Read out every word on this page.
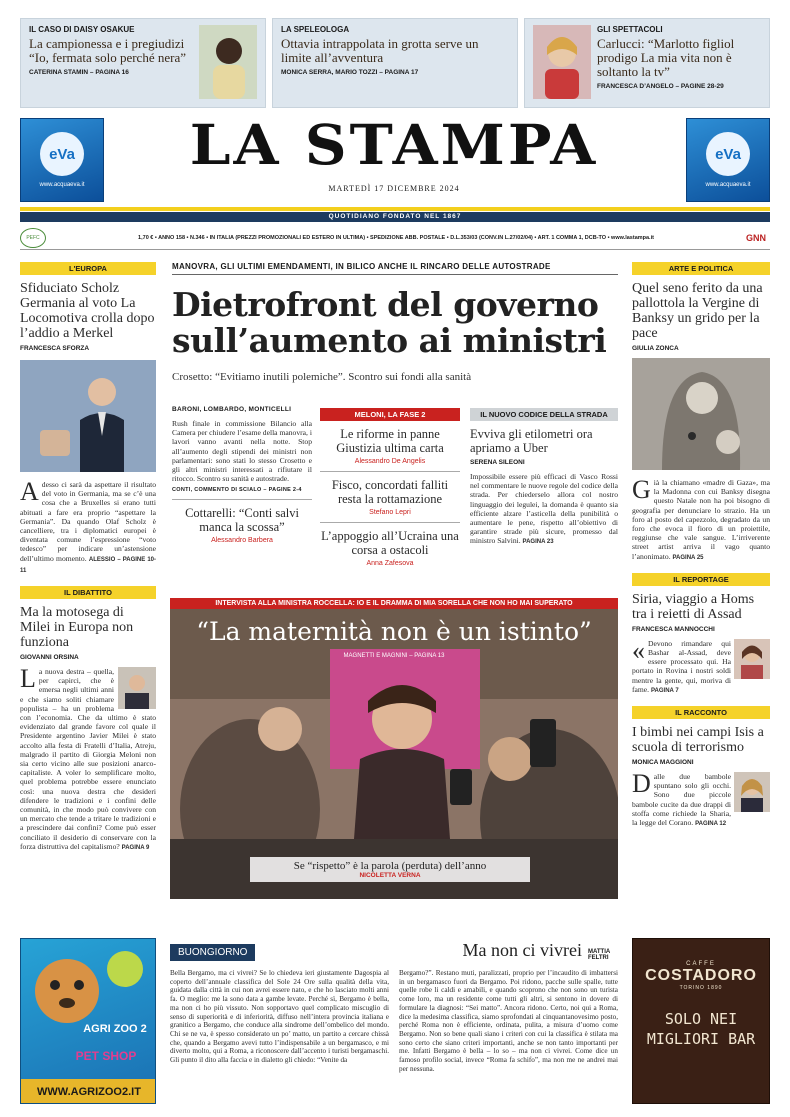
IL CASO DI DAISY OSAKUE
La campionessa e i pregiudizi “Io, fermata solo perché nera”
CATERINA STAMIN – PAGINA 16
LA SPELEOLOGA
Ottavia intrappolata in grotta serve un limite all’avventura
MONICA SERRA, MARIO TOZZI – PAGINA 17
GLI SPETTACOLI
Carlucci: “Marlotto figliol prodigo La mia vita non è soltanto la tv”
FRANCESCA D’ANGELO – PAGINE 28-29
eVa
www.acquaeva.it
LA STAMPA
MARTEDÌ 17 DICEMBRE 2024
eVa
www.acquaeva.it
QUOTIDIANO FONDATO NEL 1867
PEFC	1,70 € • ANNO 158 • N.346 • IN ITALIA (PREZZI PROMOZIONALI ED ESTERO IN ULTIMA) • SPEDIZIONE ABB. POSTALE • D.L.353/03 (CONV.IN L.27/02/04) • ART. 1 COMMA 1, DCB-TO • www.lastampa.it	GNN
L'EUROPA
Sfiduciato Scholz Germania al voto La Locomotiva crolla dopo l’addio a Merkel
FRANCESCA SFORZA
A desso ci sarà da aspettare il risultato del voto in Germania, ma se c’è una cosa che a Bruxelles si erano tutti abituati a fare era proprio “aspettare la Germania”. Da quando Olaf Scholz è cancelliere, tra i diplomatici europei è diventata comune l’espressione “voto tedesco” per indicare un’astensione dell’ultimo momento. ALESSIO – PAGINE 10-11
IL DIBATTITO
Ma la motosega di Milei in Europa non funziona
GIOVANNI ORSINA
L a nuova destra – quella, per capirci, che è emersa negli ultimi anni e che siamo soliti chiamare populista – ha un problema con l’economia. Che da ultimo è stato evidenziato dal grande favore col quale il Presidente argentino Javier Milei è stato accolto alla festa di Fratelli d’Italia, Atreju, malgrado il partito di Giorgia Meloni non sia certo vicino alle sue posizioni anarco-capitaliste. A voler lo semplificare molto, quel problema potrebbe essere enunciato così: una nuova destra che desideri difendere le tradizioni e i confini delle comunità, in che modo può convivere con un mercato che tende a tritare le tradizioni e a prescindere dai confini? Come può esser conciliato il desiderio di conservare con la forza distruttiva del capitalismo? PAGINA 9
MANOVRA, GLI ULTIMI EMENDAMENTI, IN BILICO ANCHE IL RINCARO DELLE AUTOSTRADE
Dietrofront del governo sull’aumento ai ministri
Crosetto: “Evitiamo inutili polemiche”. Scontro sui fondi alla sanità
BARONI, LOMBARDO, MONTICELLI
Rush finale in commissione Bilancio alla Camera per chiudere l’esame della manovra, i lavori vanno avanti nella notte. Stop all’aumento degli stipendi dei ministri non parlamentari: sono stati lo stesso Crosetto e gli altri ministri interessati a rifiutare il ritocco. Scontro su sanità e autostrade.
CONTI, COMMENTO DI SCIALO – PAGINE 2-4
Cottarelli: “Conti salvi manca la scossa”
Alessandro Barbera
MELONI, LA FASE 2
Le riforme in panne Giustizia ultima carta
Alessandro De Angelis
Fisco, concordati falliti resta la rottamazione
Stefano Lepri
L’appoggio all’Ucraina una corsa a ostacoli
Anna Zafesova
IL NUOVO CODICE DELLA STRADA
Evviva gli etilometri ora apriamo a Uber
SERENA SILEONI
Impossibile essere più efficaci di Vasco Rossi nel commentare le nuove regole del codice della strada. Per chiederselo allora col nostro linguaggio dei legulei, la domanda è quanto sia efficiente alzare l’asticella della punibilità o aumentare le pene, rispetto all’obiettivo di garantire strade più sicure, promesso dal ministro Salvini. PAGINA 23
INTERVISTA ALLA MINISTRA ROCCELLA: IO E IL DRAMMA DI MIA SORELLA CHE NON HO MAI SUPERATO
“La maternità non è un istinto”
MAGNETTI E MAGNINI – PAGINA 13
Se “rispetto” è la parola (perduta) dell’anno
NICOLETTA VERNA
ARTE E POLITICA
Quel seno ferito da una pallottola la Vergine di Banksy un grido per la pace
GIULIA ZONCA
G ià la chiamano «madre di Gaza», ma la Madonna con cui Banksy disegna questo Natale non ha poi bisogno di geografia per denunciare lo strazio. Ha un foro al posto del capezzolo, degradato da un foro che evoca il fioro di un proiettile, reggiunse che vale sangue. L’irriverente street artist arriva il vago quanto l’anonimato. PAGINA 25
IL REPORTAGE
Siria, viaggio a Homs tra i reietti di Assad
FRANCESCA MANNOCCHI
« Devono rimandare qui Bashar al-Assad, deve essere processato qui. Ha portato in Rovina i nostri soldi mentre la gente, qui, moriva di fame. PAGINA 7
IL RACCONTO
I bimbi nei campi Isis a scuola di terrorismo
MONICA MAGGIONI
D alle due bambole spuntano solo gli occhi. Sono due piccole bambole cucite da due drappi di stoffa come richiede la Sharia, la legge del Corano. PAGINA 12
AGRI ZOO 2
PET SHOP
WWW.AGRIZOO2.IT
BUONGIORNO	Ma non ci vivrei MATTIA FELTRI
Bella Bergamo, ma ci vivrei? Se lo chiedeva ieri giustamente Dagospia al coperto dell’annuale classifica del Sole 24 Ore sulla qualità della vita, guidata dalla città in cui non avrei essere nato, e che ho lasciato molti anni fa. O meglio: me la sono data a gambe levate. Perché sì, Bergamo è bella, ma non ci ho più vissuto. Non sopportavo quel complicato miscuglio di senso di superiorità e di inferiorità, diffuso nell’intera provincia italiana e granitico a Bergamo, che conduce alla sindrome dell’ombelico del mondo. Chi se ne va, è spesso considerato un po’ matto, un partito a cercare chissà che, quando a Bergamo avevi tutto l’indispensabile a un bergamasco, e mi diverto molto, qui a Roma, a riconoscere dall’accento i turisti bergamaschi. Gli punto il dito alla faccia e in dialetto gli chiedo: “Venite da
Bergamo?”. Restano muti, paralizzati, proprio per l’incaudito di imbattersi in un bergamasco fuori da Bergamo. Poi ridono, pacche sulle spalle, tutte quelle robe li caldi e amabili, e quando scoprono che non sono un turista come loro, ma un residente come tutti gli altri, si sentono in dovere di formulare la diagnosi: “Sei matto”. Ancora ridono. Certo, noi qui a Roma, dice la medesima classifica, siamo sprofondati al cinquantanovesimo posto, perché Roma non è efficiente, ordinata, pulita, a misura d’uomo come Bergamo. Non so bene quali siano i criteri con cui la classifica è stilata ma sono certo che siano criteri importanti, anche se non tanto importanti per me. Infatti Bergamo è bella – lo so – ma non ci vivrei. Come dice un famoso profilo social, invece “Roma fa schifo”, ma non me ne andrei mai per nessuna.
CAFFE
COSTADORO
TORINO 1890
SOLO NEI MIGLIORI BAR
